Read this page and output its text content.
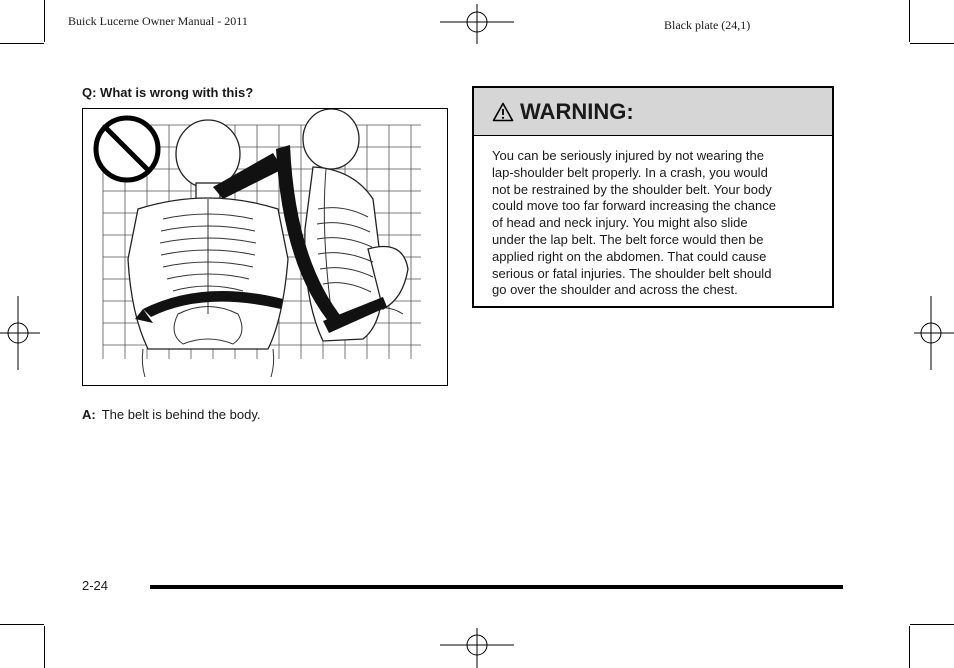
Buick Lucerne Owner Manual - 2011	Black plate (24,1)
Q: What is wrong with this?
A: The belt is behind the body.
WARNING:
You can be seriously injured by not wearing the
lap-shoulder belt properly. In a crash, you would
not be restrained by the shoulder belt. Your body
could move too far forward increasing the chance
of head and neck injury. You might also slide
under the lap belt. The belt force would then be
applied right on the abdomen. That could cause
serious or fatal injuries. The shoulder belt should
go over the shoulder and across the chest.
2-24
